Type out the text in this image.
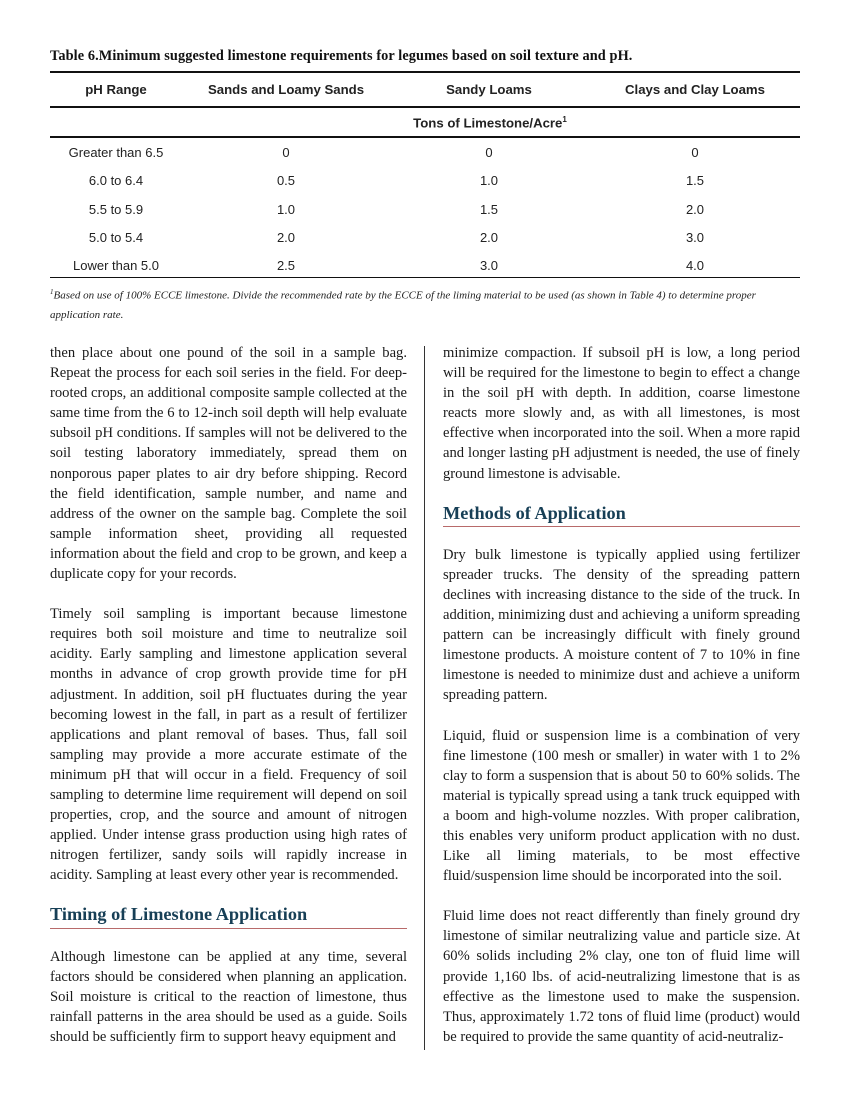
Table 6.Minimum suggested limestone requirements for legumes based on soil texture and pH.
pH Range	Sands and Loamy Sands	Sandy Loams	Clays and Clay Loams
Tons of Limestone/Acre$^1$
Greater than 6.5	0	0	0
6.0 to 6.4	0.5	1.0	1.5
5.5 to 5.9	1.0	1.5	2.0
5.0 to 5.4	2.0	2.0	3.0
Lower than 5.0	2.5	3.0	4.0
$^1$Based on use of 100% ECCE limestone. Divide the recommended rate by the ECCE of the liming material to be used (as shown in Table 4) to determine proper application rate.

then place about one pound of the soil in a sample bag. Repeat the process for each soil series in the field. For deep-rooted crops, an additional composite sample collected at the same time from the 6 to 12-inch soil depth will help evaluate subsoil pH conditions. If samples will not be delivered to the soil testing laboratory immediately, spread them on nonporous paper plates to air dry before shipping. Record the field identification, sample number, and name and address of the owner on the sample bag. Complete the soil sample information sheet, providing all requested information about the field and crop to be grown, and keep a duplicate copy for your records.

Timely soil sampling is important because limestone requires both soil moisture and time to neutralize soil acidity. Early sampling and limestone application several months in advance of crop growth provide time for pH adjustment. In addition, soil pH fluctuates during the year becoming lowest in the fall, in part as a result of fertilizer applications and plant removal of bases. Thus, fall soil sampling may provide a more accurate estimate of the minimum pH that will occur in a field. Frequency of soil sampling to determine lime requirement will depend on soil properties, crop, and the source and amount of nitrogen applied. Under intense grass production using high rates of nitrogen fertilizer, sandy soils will rapidly increase in acidity. Sampling at least every other year is recommended.

Timing of Limestone Application

Although limestone can be applied at any time, several factors should be considered when planning an application. Soil moisture is critical to the reaction of limestone, thus rainfall patterns in the area should be used as a guide. Soils should be sufficiently firm to support heavy equipment and

minimize compaction. If subsoil pH is low, a long period will be required for the limestone to begin to effect a change in the soil pH with depth. In addition, coarse limestone reacts more slowly and, as with all limestones, is most effective when incorporated into the soil. When a more rapid and longer lasting pH adjustment is needed, the use of finely ground limestone is advisable.

Methods of Application

Dry bulk limestone is typically applied using fertilizer spreader trucks. The density of the spreading pattern declines with increasing distance to the side of the truck. In addition, minimizing dust and achieving a uniform spreading pattern can be increasingly difficult with finely ground limestone products. A moisture content of 7 to 10% in fine limestone is needed to minimize dust and achieve a uniform spreading pattern.

Liquid, fluid or suspension lime is a combination of very fine limestone (100 mesh or smaller) in water with 1 to 2% clay to form a suspension that is about 50 to 60% solids. The material is typically spread using a tank truck equipped with a boom and high-volume nozzles. With proper calibration, this enables very uniform product application with no dust. Like all liming materials, to be most effective fluid/suspension lime should be incorporated into the soil.

Fluid lime does not react differently than finely ground dry limestone of similar neutralizing value and particle size. At 60% solids including 2% clay, one ton of fluid lime will provide 1,160 lbs. of acid-neutralizing limestone that is as effective as the limestone used to make the suspension. Thus, approximately 1.72 tons of fluid lime (product) would be required to provide the same quantity of acid-neutraliz-
